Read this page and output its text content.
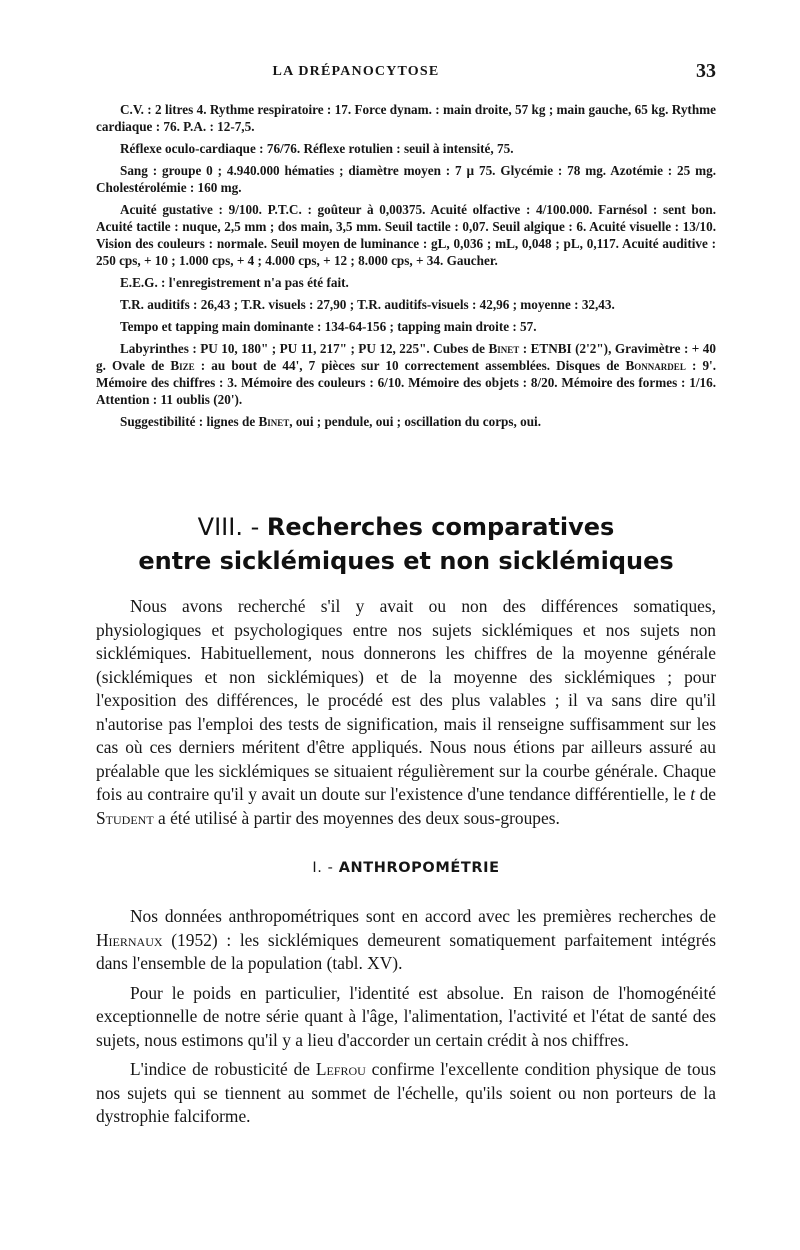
LA DRÉPANOCYTOSE	33

C.V. : 2 litres 4. Rythme respiratoire : 17. Force dynam. : main droite, 57 kg ; main gauche, 65 kg. Rythme cardiaque : 76. P.A. : 12-7,5.

Réflexe oculo-cardiaque : 76/76. Réflexe rotulien : seuil à intensité, 75.

Sang : groupe 0 ; 4.940.000 hématies ; diamètre moyen : 7 µ 75. Glycémie : 78 mg. Azotémie : 25 mg. Cholestérolémie : 160 mg.

Acuité gustative : 9/100. P.T.C. : goûteur à 0,00375. Acuité olfactive : 4/100.000. Farnésol : sent bon. Acuité tactile : nuque, 2,5 mm ; dos main, 3,5 mm. Seuil tactile : 0,07. Seuil algique : 6. Acuité visuelle : 13/10. Vision des couleurs : normale. Seuil moyen de luminance : gL, 0,036 ; mL, 0,048 ; pL, 0,117. Acuité auditive : 250 cps, + 10 ; 1.000 cps, + 4 ; 4.000 cps, + 12 ; 8.000 cps, + 34. Gaucher.

E.E.G. : l'enregistrement n'a pas été fait.

T.R. auditifs : 26,43 ; T.R. visuels : 27,90 ; T.R. auditifs-visuels : 42,96 ; moyenne : 32,43.

Tempo et tapping main dominante : 134-64-156 ; tapping main droite : 57.

Labyrinthes : PU 10, 180" ; PU 11, 217" ; PU 12, 225". Cubes de Binet : ETNBI (2'2"), Gravimètre : + 40 g. Ovale de Bize : au bout de 44', 7 pièces sur 10 correctement assemblées. Disques de Bonnardel : 9'. Mémoire des chiffres : 3. Mémoire des couleurs : 6/10. Mémoire des objets : 8/20. Mémoire des formes : 1/16. Attention : 11 oublis (20').

Suggestibilité : lignes de Binet, oui ; pendule, oui ; oscillation du corps, oui.

VIII. - Recherches comparatives
entre sicklémiques et non sicklémiques

Nous avons recherché s'il y avait ou non des différences somatiques, physiologiques et psychologiques entre nos sujets sicklémiques et nos sujets non sicklémiques. Habituellement, nous donnerons les chiffres de la moyenne générale (sicklémiques et non sicklémiques) et de la moyenne des sicklémiques ; pour l'exposition des différences, le procédé est des plus valables ; il va sans dire qu'il n'autorise pas l'emploi des tests de signification, mais il renseigne suffisamment sur les cas où ces derniers méritent d'être appliqués. Nous nous étions par ailleurs assuré au préalable que les sicklémiques se situaient régulièrement sur la courbe générale. Chaque fois au contraire qu'il y avait un doute sur l'existence d'une tendance différentielle, le t de Student a été utilisé à partir des moyennes des deux sous-groupes.

I. - ANTHROPOMÉTRIE

Nos données anthropométriques sont en accord avec les premières recherches de Hiernaux (1952) : les sicklémiques demeurent somatiquement parfaitement intégrés dans l'ensemble de la population (tabl. XV).

Pour le poids en particulier, l'identité est absolue. En raison de l'homogénéité exceptionnelle de notre série quant à l'âge, l'alimentation, l'activité et l'état de santé des sujets, nous estimons qu'il y a lieu d'accorder un certain crédit à nos chiffres.

L'indice de robusticité de Lefrou confirme l'excellente condition physique de tous nos sujets qui se tiennent au sommet de l'échelle, qu'ils soient ou non porteurs de la dystrophie falciforme.
